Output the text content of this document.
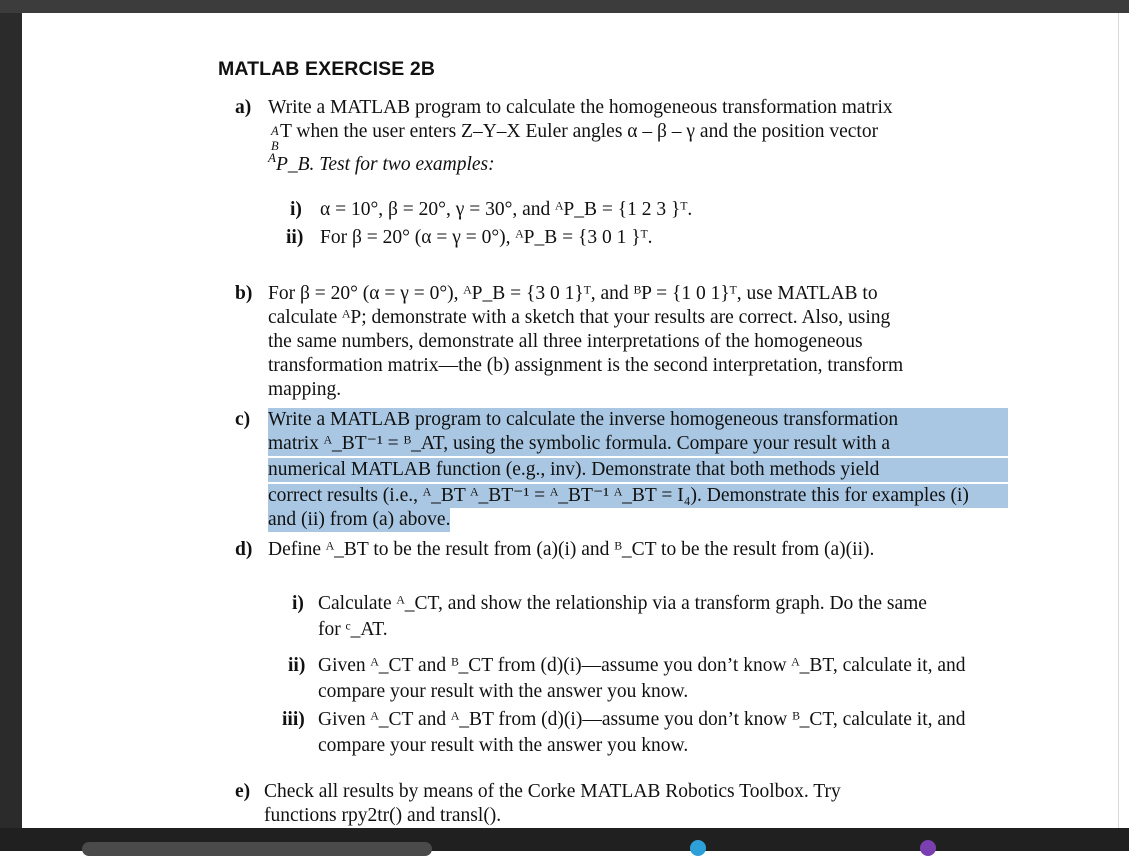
MATLAB EXERCISE 2B
a) Write a MATLAB program to calculate the homogeneous transformation matrix
A
B
T when the user enters Z–Y–X Euler angles α – β – γ and the position vector
$^A$P_B. Test for two examples:
i) α = 10°, β = 20°, γ = 30°, and ᴬP_B = {1 2 3 }ᵀ.
ii) For β = 20° (α = γ = 0°), ᴬP_B = {3 0 1 }ᵀ.
b) For β = 20° (α = γ = 0°), ᴬP_B = {3 0 1}ᵀ, and ᴮP = {1 0 1}ᵀ, use MATLAB to
calculate ᴬP; demonstrate with a sketch that your results are correct. Also, using
the same numbers, demonstrate all three interpretations of the homogeneous
transformation matrix—the (b) assignment is the second interpretation, transform
mapping.
c) Write a MATLAB program to calculate the inverse homogeneous transformation
matrix ᴬ_BT⁻¹ = ᴮ_AT, using the symbolic formula. Compare your result with a
numerical MATLAB function (e.g., inv). Demonstrate that both methods yield
correct results (i.e., ᴬ_BT ᴬ_BT⁻¹ = ᴬ_BT⁻¹ ᴬ_BT = I₄). Demonstrate this for examples (i)
and (ii) from (a) above.
d) Define ᴬ_BT to be the result from (a)(i) and ᴮ_CT to be the result from (a)(ii).
i) Calculate ᴬ_CT, and show the relationship via a transform graph. Do the same
for ᶜ_AT.
ii) Given ᴬ_CT and ᴮ_CT from (d)(i)—assume you don’t know ᴬ_BT, calculate it, and
compare your result with the answer you know.
iii) Given ᴬ_CT and ᴬ_BT from (d)(i)—assume you don’t know ᴮ_CT, calculate it, and
compare your result with the answer you know.
e) Check all results by means of the Corke MATLAB Robotics Toolbox. Try
functions rpy2tr() and transl().
